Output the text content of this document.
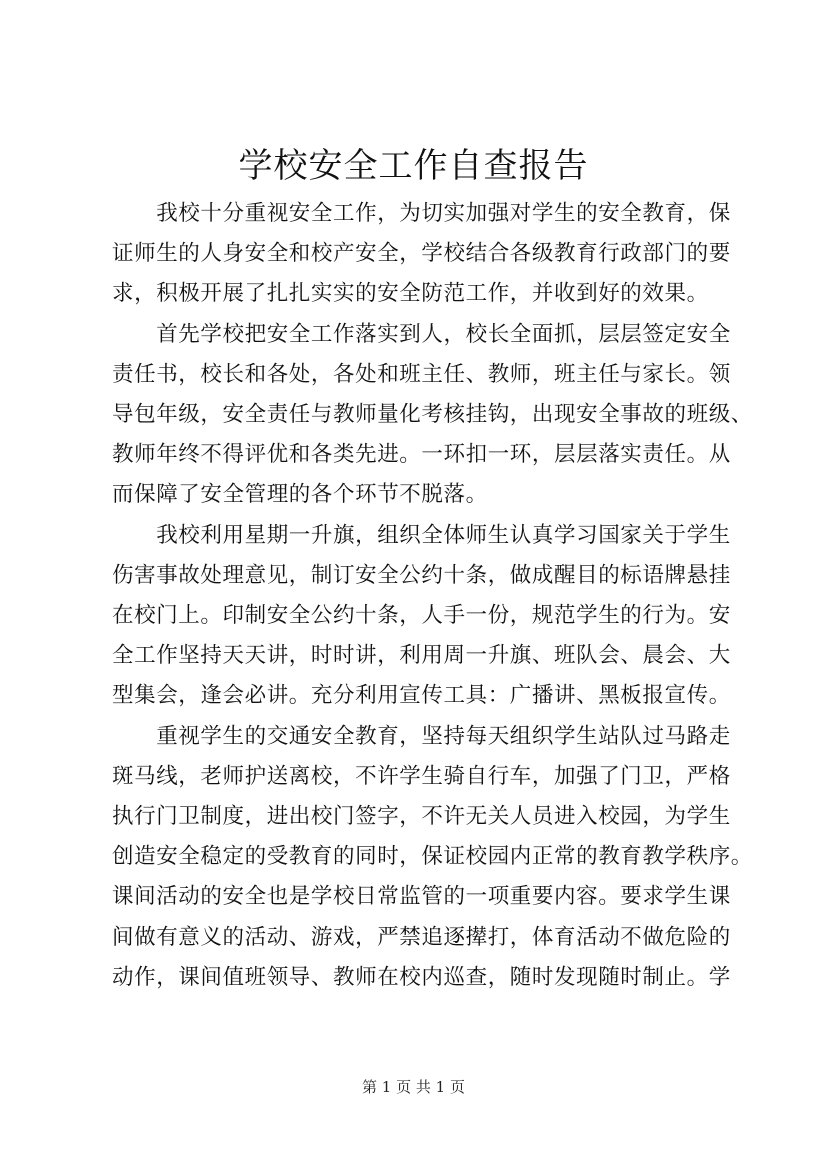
学校安全工作自查报告
　　我校十分重视安全工作，为切实加强对学生的安全教育，保
证师生的人身安全和校产安全，学校结合各级教育行政部门的要
求，积极开展了扎扎实实的安全防范工作，并收到好的效果。
　　首先学校把安全工作落实到人，校长全面抓，层层签定安全
责任书，校长和各处，各处和班主任、教师，班主任与家长。领
导包年级，安全责任与教师量化考核挂钩，出现安全事故的班级、
教师年终不得评优和各类先进。一环扣一环，层层落实责任。从
而保障了安全管理的各个环节不脱落。
　　我校利用星期一升旗，组织全体师生认真学习国家关于学生
伤害事故处理意见，制订安全公约十条，做成醒目的标语牌悬挂
在校门上。印制安全公约十条，人手一份，规范学生的行为。安
全工作坚持天天讲，时时讲，利用周一升旗、班队会、晨会、大
型集会，逢会必讲。充分利用宣传工具：广播讲、黑板报宣传。
　　重视学生的交通安全教育，坚持每天组织学生站队过马路走
斑马线，老师护送离校，不许学生骑自行车，加强了门卫，严格
执行门卫制度，进出校门签字，不许无关人员进入校园，为学生
创造安全稳定的受教育的同时，保证校园内正常的教育教学秩序。
课间活动的安全也是学校日常监管的一项重要内容。要求学生课
间做有意义的活动、游戏，严禁追逐撵打，体育活动不做危险的
动作，课间值班领导、教师在校内巡查，随时发现随时制止。学
第 1 页 共 1 页
